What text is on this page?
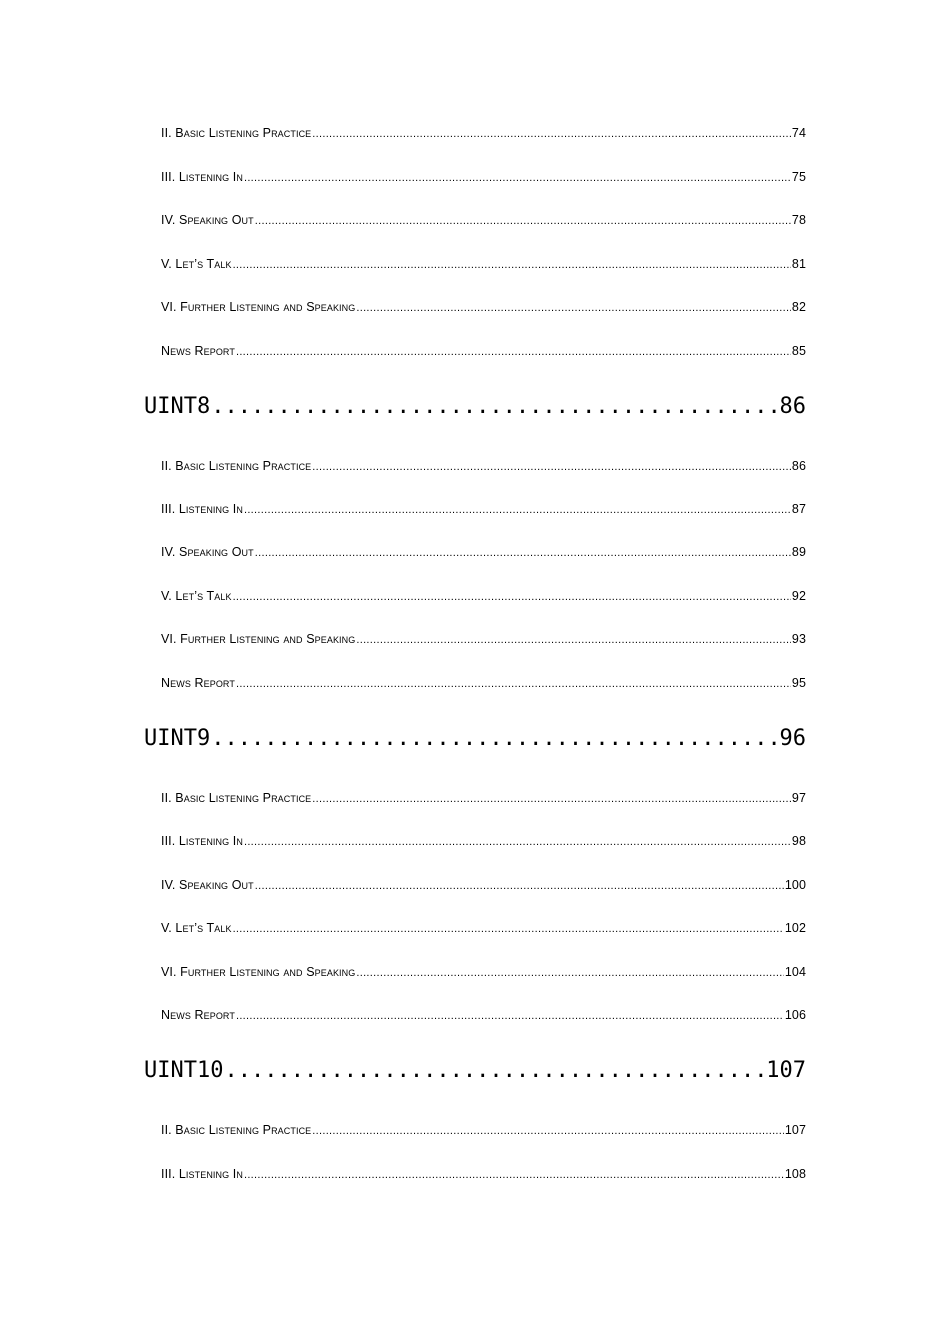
II. Basic Listening Practice .....	74
III. Listening In .....	75
IV. Speaking Out .....	78
V. Let’s Talk .....	81
VI. Further Listening and Speaking .....	82
News Report .....	85
UINT8 .....	86
II. Basic Listening Practice .....	86
III. Listening In .....	87
IV. Speaking Out .....	89
V. Let’s Talk .....	92
VI. Further Listening and Speaking .....	93
News Report .....	95
UINT9 .....	96
II. Basic Listening Practice .....	97
III. Listening In .....	98
IV. Speaking Out .....	100
V. Let’s Talk .....	102
VI. Further Listening and Speaking .....	104
News Report .....	106
UINT10 .....	107
II. Basic Listening Practice .....	107
III. Listening In .....	108
